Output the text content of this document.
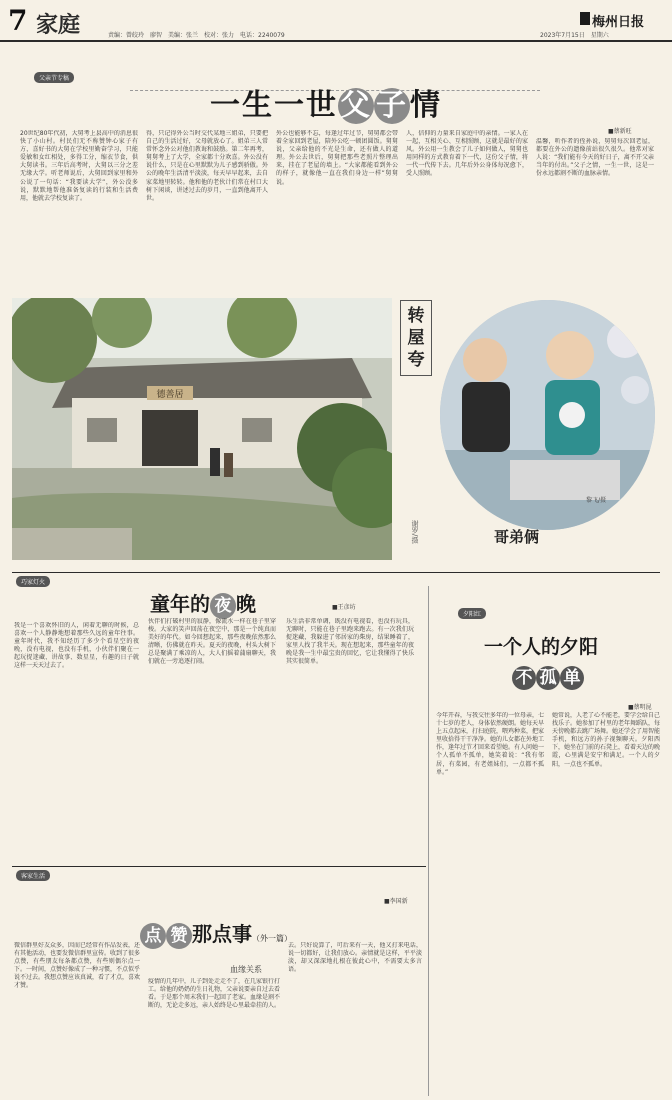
7 家庭	责编：曾皎玲　廖智　美编：张兰　校对：张力　电话：2240079
梅州日报
2023年7月15日　星期六
父亲节专稿
一生一世父 子情
■蔡新旺
20世纪80年代初，大舅考上县高中的消息很快了小山村。村民们无不称赞钟心家子有方，喜好书的大舅在学校里勤奋学习，只能爱敏和女红相处，多得工分，缩衣节食，供大舅读书。三年后高考时，大舅以三分之差无缘大学。听老师说后，大舅回到家里和外公说了一句话：“我要读大学”，外公没多说，默默地帮他准备复读的行装和生活费用，他就去学校复读了。
得，只记得外公当时交代某地三姐弟，只要把自己的生活过好，父母就放心了。姐弟三人常常怀念外公对他们教诲和鼓励。第二年再考，舅舅考上了大学，全家都十分欢喜。外公没有说什么，只是在心里默默为儿子感到骄傲。外公的晚年生活清平淡淡，每天早早起来，去自家菜地里转转。他和他的老伙计们常在村口大树下闲谈，讲述过去的岁月，一直到他离开人世。
外公也能够不忘，每逢过年过节，舅舅都会带着全家回到老屋，陪外公吃一顿团圆饭。舅舅说，父亲给他的不光是生命，还有做人的道理。外公去世后，舅舅把那些老照片整理出来，挂在了老屋的墙上。“大家都能看到外公的样子，就像他一直在我们身边一样”舅舅说。
人，信仰的力量来自家庭中的亲情。一家人在一起，互相关心、互相照顾，这就是最好的家风。外公用一生教会了儿子如何做人，舅舅也用同样的方式教育着下一代，这份父子情，将一代一代传下去。几年后外公身体每况愈下，受人照顾。
温馨，听作者的侄孙说，舅舅每次回老屋，都要在外公的遗像前站很久很久。他常对家人说：“我们能有今天的好日子，离不开父亲当年的付出。”父子之情，一生一世，这是一份永远都割不断的血脉亲情。
德善居
转屋夸
谢罗/摄
黎飞/摄
哥弟俩
巧家灯火
童年的 夜 晚	■王彦坊
我是一个喜欢怀旧的人，闲着无聊的时候，总喜欢一个人静静地想着那些久远的童年往事。童年时代，我不知经历了多少个看星空的夜晚，没有电视，也没有手机，小伙伴们聚在一起玩捉迷藏、讲故事、数星星，有趣的日子就这样一天天过去了。
伙伴们打破村里的寂静，像流水一样在巷子里穿梭。大家的笑声回荡在夜空中，那是一个纯真而美好的年代。如今回想起来，那些夜晚依然那么清晰，仿佛就在昨天。夏天的夜晚，村头大树下总是聚满了乘凉的人，大人们摇着蒲扇聊天，我们就在一旁追逐打闹。
乐生活非常单调，既没有电视看，也没有玩具，无聊时，只能在巷子里跑来跑去。有一次我们玩捉迷藏，我躲进了邻居家的柴房，结果睡着了，家里人找了我半天。现在想起来，那些童年的夜晚是我一生中最宝贵的回忆，它让我懂得了快乐其实很简单。
夕阳红
一个人的夕阳
不 孤 单
■蔡明昆
今年开春，与我交往多年的一位母亲，七十七岁的老人，身体依然硬朗。她每天早上五点起床，打扫庭院，喂鸡种菜，把家里收拾得干干净净。她的儿女都在外地工作，逢年过节才回来看望她。有人问她一个人孤单不孤单，她笑着说：“我有邻居，有菜园，有老姐妹们，一点都不孤单。”
她常说，人老了心不能老，要学会给自己找乐子。她参加了村里的老年舞蹈队，每天傍晚都去跳广场舞。她还学会了用智能手机，和远方的孙子视频聊天。夕阳西下，她坐在门前的石凳上，看着天边的晚霞，心里满是安宁和满足。一个人的夕阳，一点也不孤单。
客家生活
点 赞 那点事（外一篇）
■李国新
血缘关系
微信群里好友众多，因而已经常有作品发表，还有其他活动，也要发微信群里宣传。收到了很多点赞，有些朋友每条都点赞，有些则偶尔点一下。一时间，点赞好像成了一种习惯，不点似乎说不过去。我想点赞应该真诚，看了才点，喜欢才赞。
疫情的几年中，儿子到处走走不了，在几家银行打工。给他的奶奶的生日礼物，父亲说要亲自过去看看。于是那个周末我们一起回了老家。血缘是割不断的，无论走多远，亲人始终是心里最牵挂的人。
去。只好说算了，可后来有一天，他又打来电话，说一切都好，让我们放心。亲情就是这样，平平淡淡，却又深深地扎根在彼此心中，不需要太多言语。
